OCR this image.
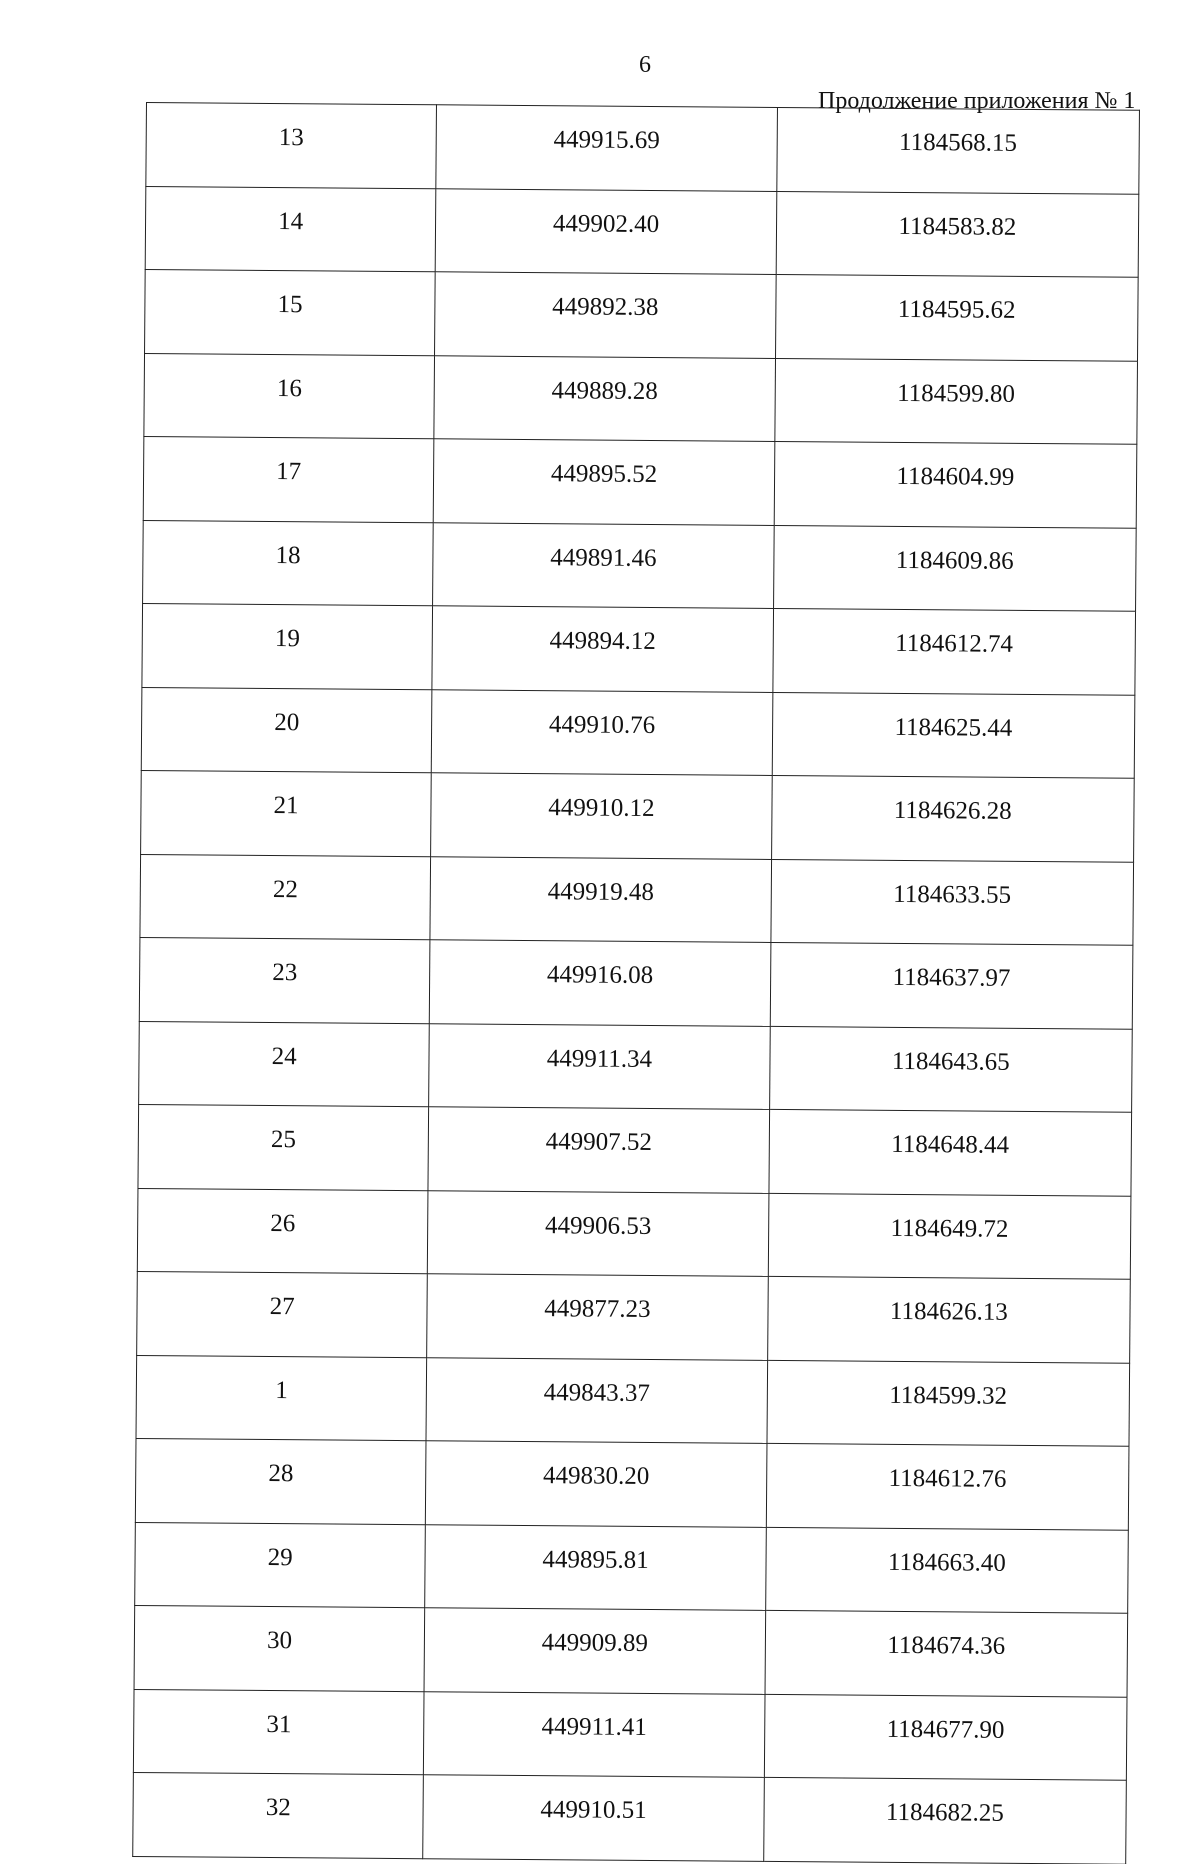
6
Продолжение приложения № 1
13	449915.69	1184568.15
14	449902.40	1184583.82
15	449892.38	1184595.62
16	449889.28	1184599.80
17	449895.52	1184604.99
18	449891.46	1184609.86
19	449894.12	1184612.74
20	449910.76	1184625.44
21	449910.12	1184626.28
22	449919.48	1184633.55
23	449916.08	1184637.97
24	449911.34	1184643.65
25	449907.52	1184648.44
26	449906.53	1184649.72
27	449877.23	1184626.13
1	449843.37	1184599.32
28	449830.20	1184612.76
29	449895.81	1184663.40
30	449909.89	1184674.36
31	449911.41	1184677.90
32	449910.51	1184682.25
